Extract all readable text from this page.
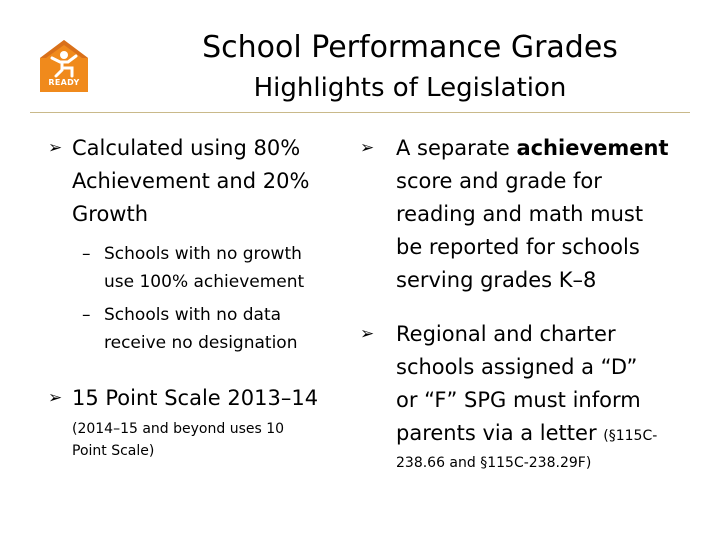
READY
School Performance Grades
Highlights of Legislation
➢ Calculated using 80%
Achievement and 20%
Growth
– Schools with no growth
use 100% achievement
– Schools with no data
receive no designation
➢ 15 Point Scale 2013–14
(2014–15 and beyond uses 10
Point Scale)
➢ A separate achievement
score and grade for
reading and math must
be reported for schools
serving grades K–8
➢ Regional and charter
schools assigned a “D”
or “F” SPG must inform
parents via a letter (§115C-
238.66 and §115C-238.29F)
